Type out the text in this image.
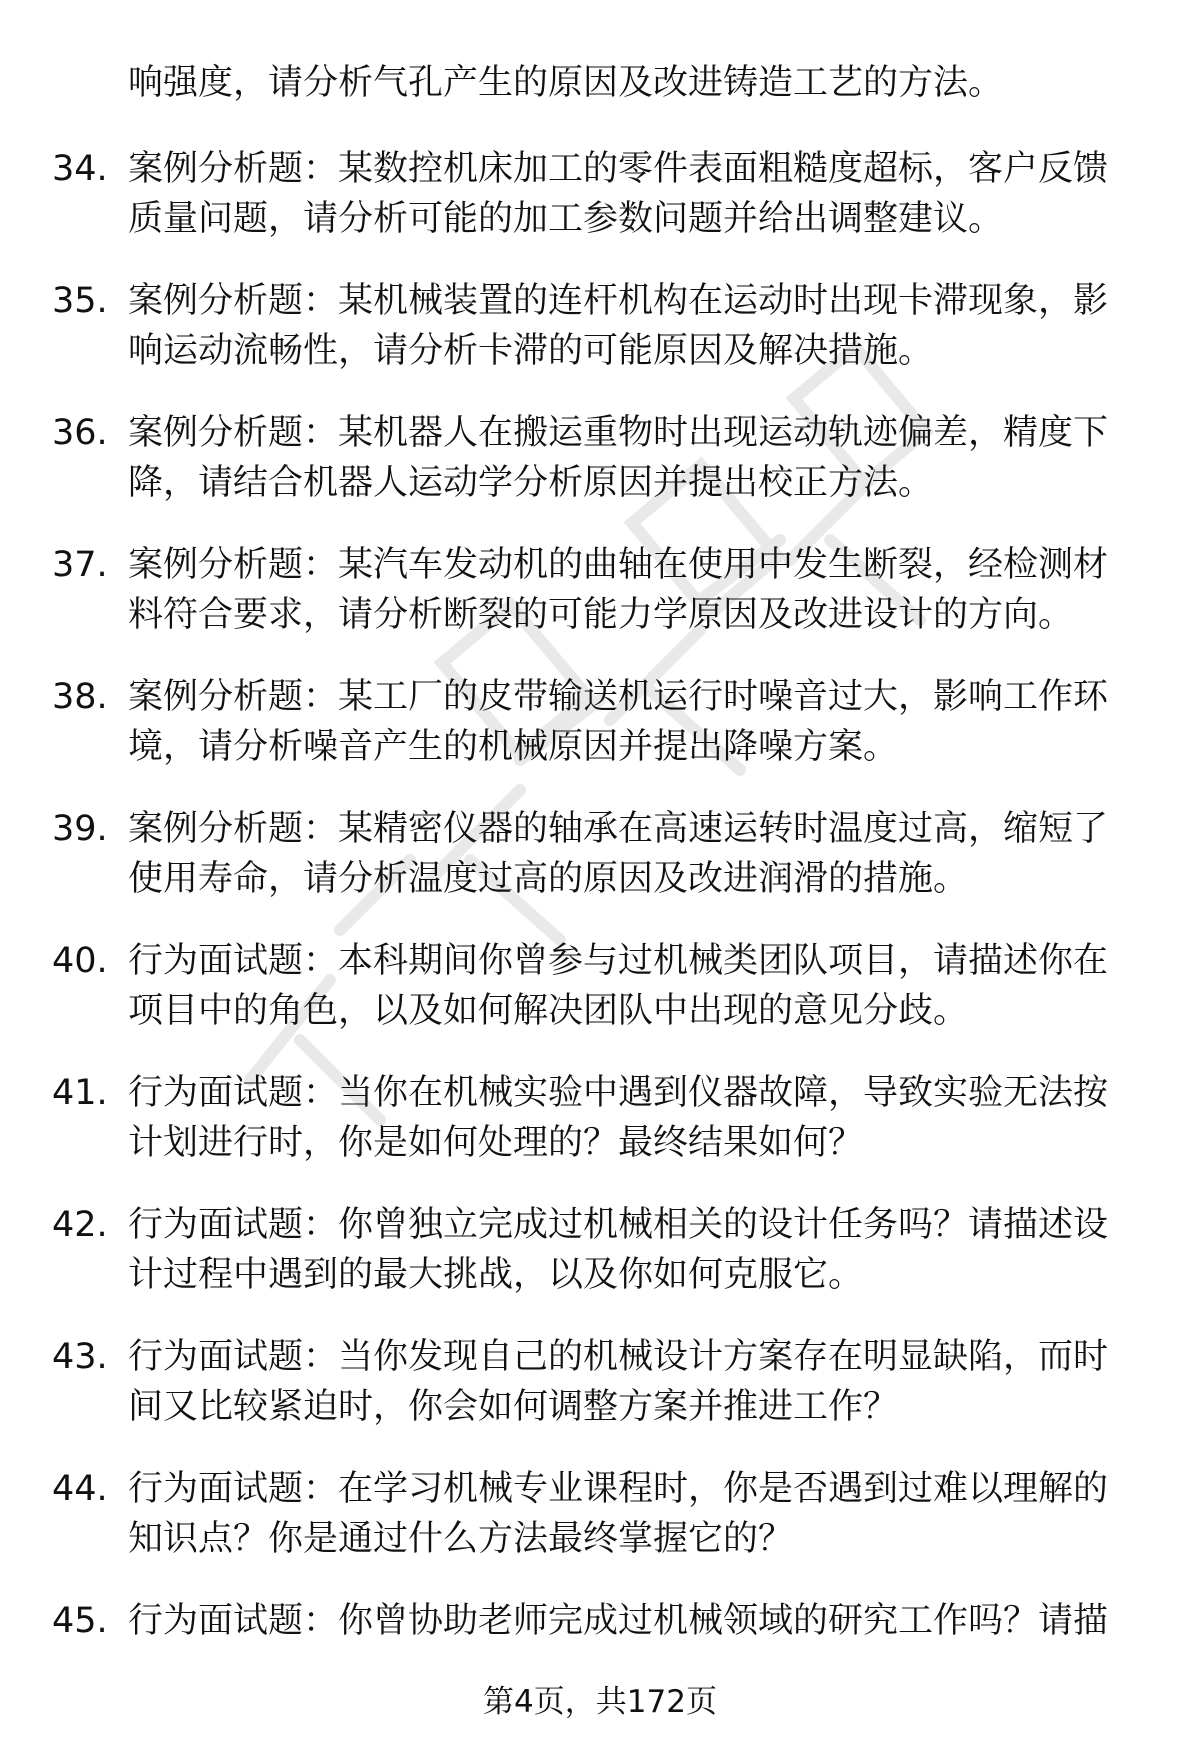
响强度，请分析气孔产生的原因及改进铸造工艺的方法。
34. 案例分析题：某数控机床加工的零件表面粗糙度超标，客户反馈
质量问题，请分析可能的加工参数问题并给出调整建议。
35. 案例分析题：某机械装置的连杆机构在运动时出现卡滞现象，影
响运动流畅性，请分析卡滞的可能原因及解决措施。
36. 案例分析题：某机器人在搬运重物时出现运动轨迹偏差，精度下
降，请结合机器人运动学分析原因并提出校正方法。
37. 案例分析题：某汽车发动机的曲轴在使用中发生断裂，经检测材
料符合要求，请分析断裂的可能力学原因及改进设计的方向。
38. 案例分析题：某工厂的皮带输送机运行时噪音过大，影响工作环
境，请分析噪音产生的机械原因并提出降噪方案。
39. 案例分析题：某精密仪器的轴承在高速运转时温度过高，缩短了
使用寿命，请分析温度过高的原因及改进润滑的措施。
40. 行为面试题：本科期间你曾参与过机械类团队项目，请描述你在
项目中的角色，以及如何解决团队中出现的意见分歧。
41. 行为面试题：当你在机械实验中遇到仪器故障，导致实验无法按
计划进行时，你是如何处理的？最终结果如何？
42. 行为面试题：你曾独立完成过机械相关的设计任务吗？请描述设
计过程中遇到的最大挑战，以及你如何克服它。
43. 行为面试题：当你发现自己的机械设计方案存在明显缺陷，而时
间又比较紧迫时，你会如何调整方案并推进工作？
44. 行为面试题：在学习机械专业课程时，你是否遇到过难以理解的
知识点？你是通过什么方法最终掌握它的？
45. 行为面试题：你曾协助老师完成过机械领域的研究工作吗？请描
第4页，共172页
